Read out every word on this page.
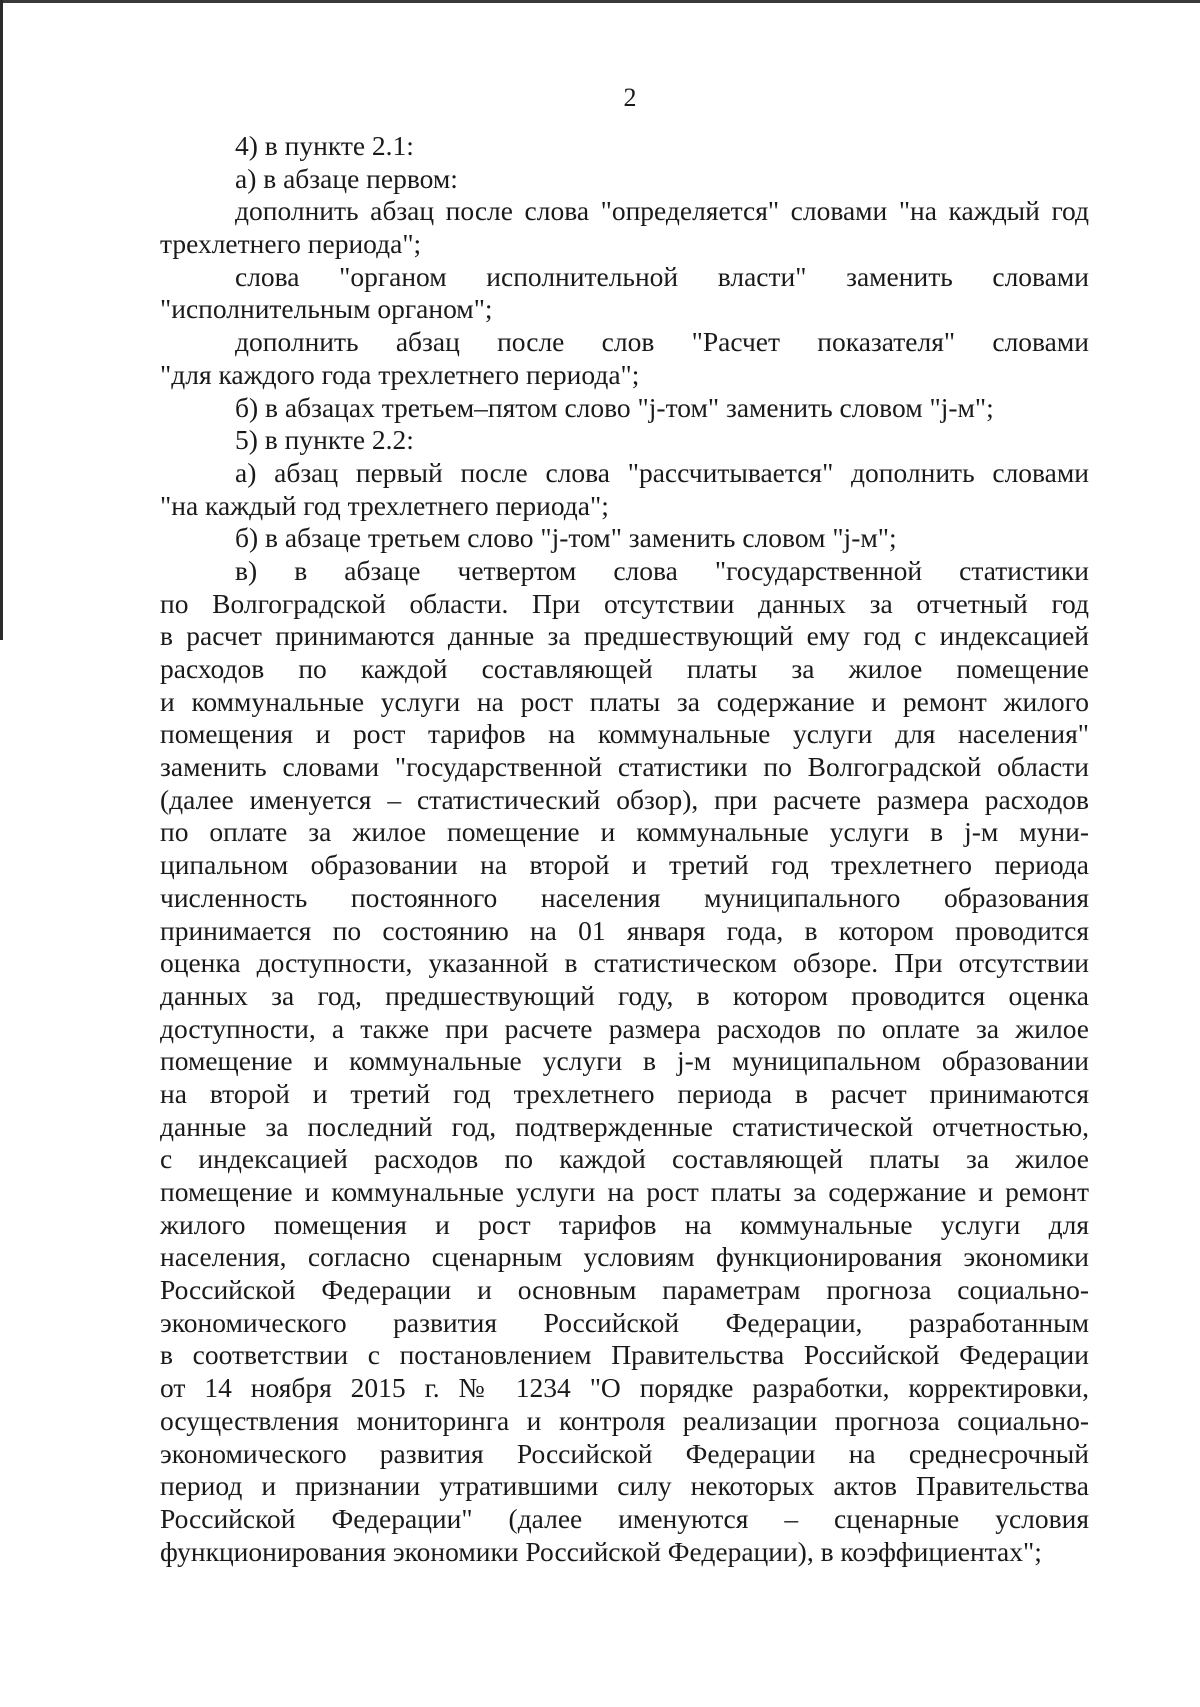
2
4) в пункте 2.1:
а) в абзаце первом:
дополнить абзац после слова "определяется" словами "на каждый год
трехлетнего периода";
слова "органом исполнительной власти" заменить словами
"исполнительным органом";
дополнить абзац после слов "Расчет показателя" словами
"для каждого года трехлетнего периода";
б) в абзацах третьем–пятом слово "j-том" заменить словом "j-м";
5) в пункте 2.2:
а) абзац первый после слова "рассчитывается" дополнить словами
"на каждый год трехлетнего периода";
б) в абзаце третьем слово "j-том" заменить словом "j-м";
в) в абзаце четвертом слова "государственной статистики
по Волгоградской области. При отсутствии данных за отчетный год
в расчет принимаются данные за предшествующий ему год с индексацией
расходов по каждой составляющей платы за жилое помещение
и коммунальные услуги на рост платы за содержание и ремонт жилого
помещения и рост тарифов на коммунальные услуги для населения"
заменить словами "государственной статистики по Волгоградской области
(далее именуется – статистический обзор), при расчете размера расходов
по оплате за жилое помещение и коммунальные услуги в j-м муни-
ципальном образовании на второй и третий год трехлетнего периода
численность постоянного населения муниципального образования
принимается по состоянию на 01 января года, в котором проводится
оценка доступности, указанной в статистическом обзоре. При отсутствии
данных за год, предшествующий году, в котором проводится оценка
доступности, а также при расчете размера расходов по оплате за жилое
помещение и коммунальные услуги в j-м муниципальном образовании
на второй и третий год трехлетнего периода в расчет принимаются
данные за последний год, подтвержденные статистической отчетностью,
с индексацией расходов по каждой составляющей платы за жилое
помещение и коммунальные услуги на рост платы за содержание и ремонт
жилого помещения и рост тарифов на коммунальные услуги для
населения, согласно сценарным условиям функционирования экономики
Российской Федерации и основным параметрам прогноза социально-
экономического развития Российской Федерации, разработанным
в соответствии с постановлением Правительства Российской Федерации
от 14 ноября 2015 г. № 1234 "О порядке разработки, корректировки,
осуществления мониторинга и контроля реализации прогноза социально-
экономического развития Российской Федерации на среднесрочный
период и признании утратившими силу некоторых актов Правительства
Российской Федерации" (далее именуются – сценарные условия
функционирования экономики Российской Федерации), в коэффициентах";
